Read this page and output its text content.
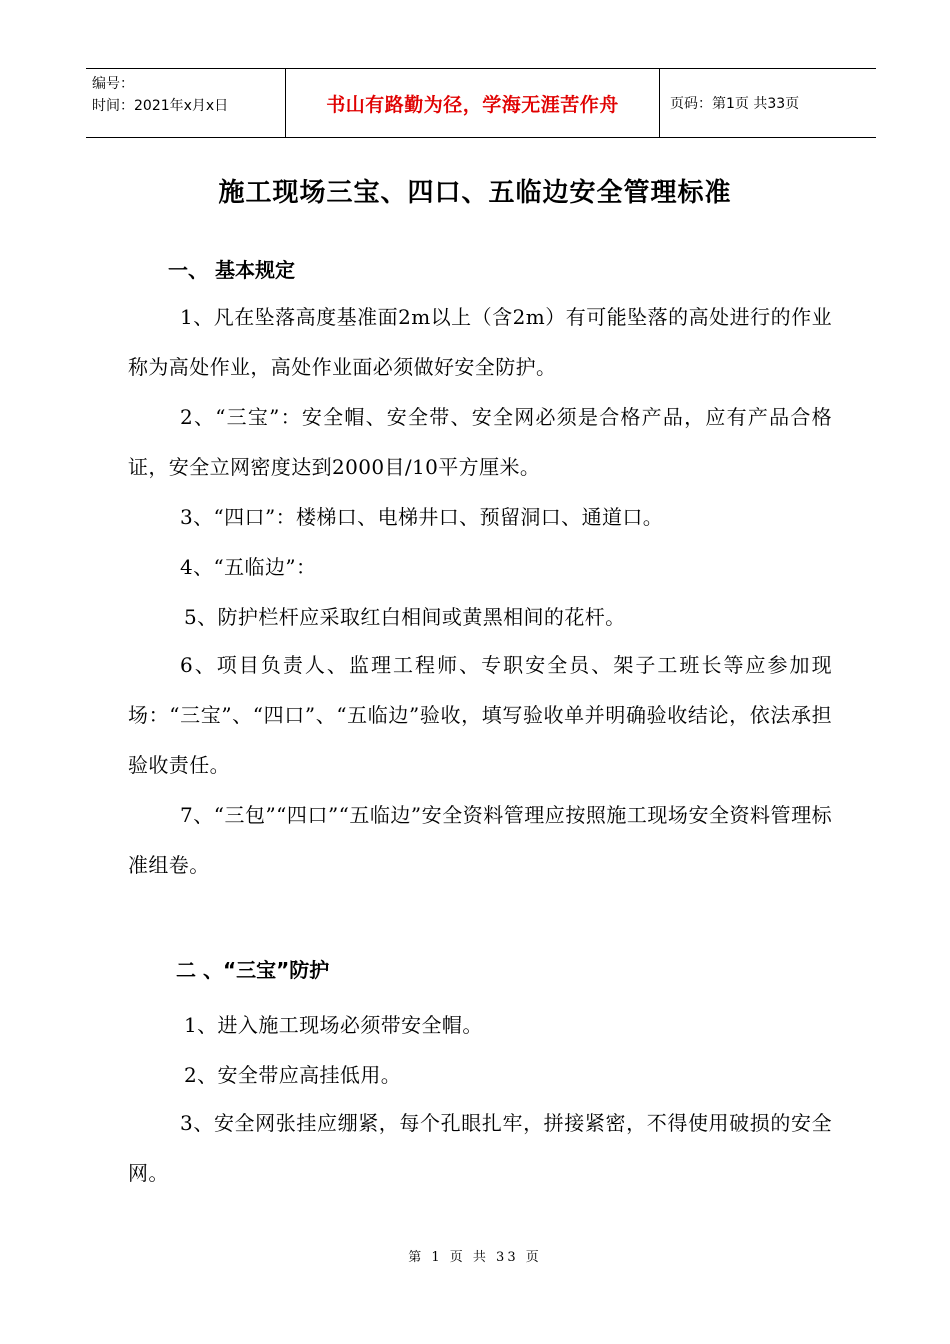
编号：
时间：2021年x月x日	书山有路勤为径，学海无涯苦作舟	页码：第1页 共33页
施工现场三宝、四口、五临边安全管理标准
一、 基本规定
1、凡在坠落高度基准面2m以上（含2m）有可能坠落的高处进行的作业称为高处作业，高处作业面必须做好安全防护。
2、“三宝”：安全帽、安全带、安全网必须是合格产品，应有产品合格证，安全立网密度达到2000目/10平方厘米。
3、“四口”：楼梯口、电梯井口、预留洞口、通道口。
4、“五临边”：
5、防护栏杆应采取红白相间或黄黑相间的花杆。
6、项目负责人、监理工程师、专职安全员、架子工班长等应参加现场：“三宝”、“四口”、“五临边”验收，填写验收单并明确验收结论，依法承担验收责任。
7、“三包”“四口”“五临边”安全资料管理应按照施工现场安全资料管理标准组卷。
二 、“三宝”防护
1、进入施工现场必须带安全帽。
2、安全带应高挂低用。
3、安全网张挂应绷紧，每个孔眼扎牢，拼接紧密，不得使用破损的安全网。
第 1 页 共 33 页
